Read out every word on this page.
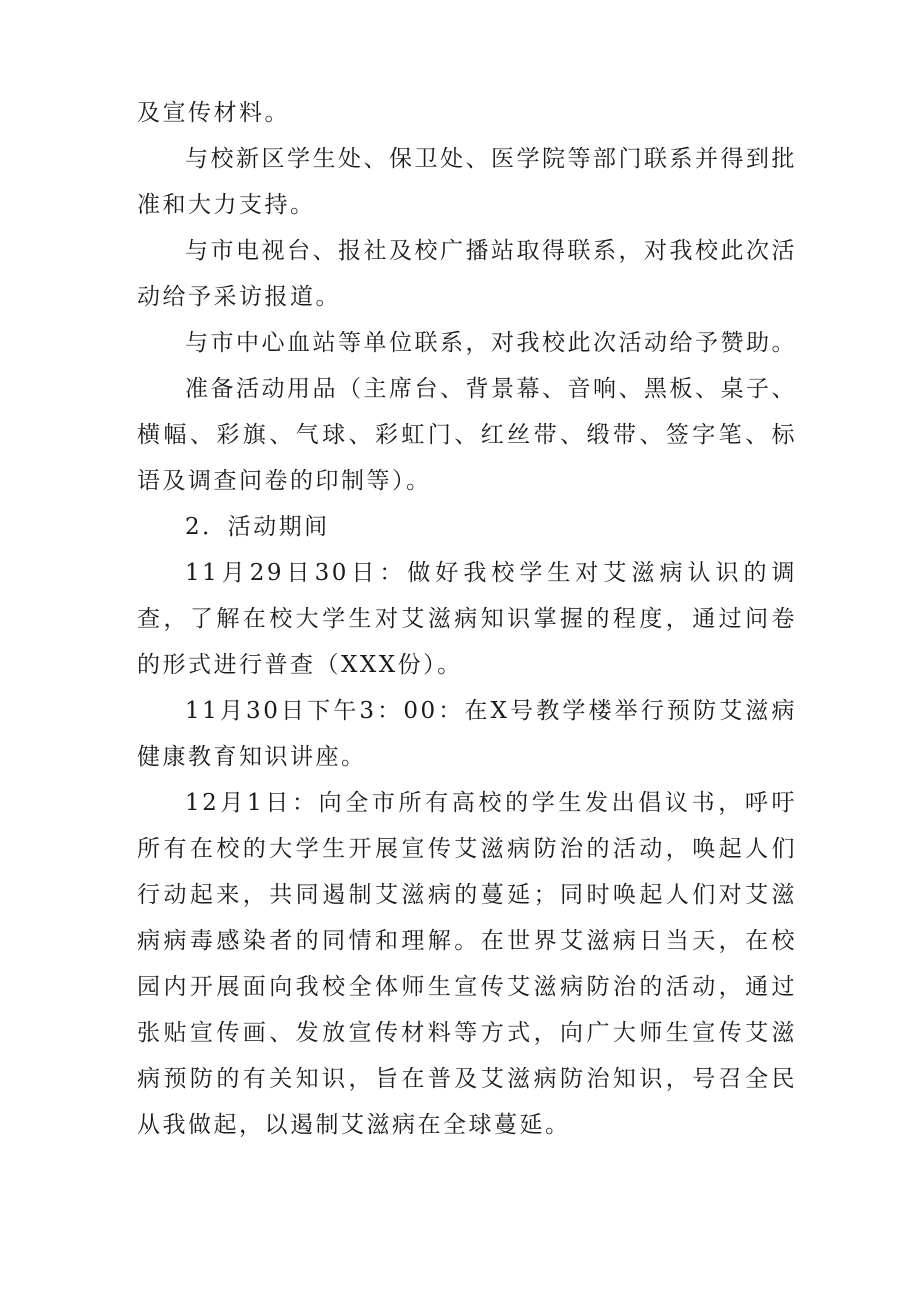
及宣传材料。

与校新区学生处、保卫处、医学院等部门联系并得到批准和大力支持。

与市电视台、报社及校广播站取得联系，对我校此次活动给予采访报道。

与市中心血站等单位联系，对我校此次活动给予赞助。

准备活动用品（主席台、背景幕、音响、黑板、桌子、横幅、彩旗、气球、彩虹门、红丝带、缎带、签字笔、标语及调查问卷的印制等）。

2．活动期间

11月29日30日：做好我校学生对艾滋病认识的调查，了解在校大学生对艾滋病知识掌握的程度，通过问卷的形式进行普查（XXX份）。

11月30日下午3：00：在X号教学楼举行预防艾滋病健康教育知识讲座。

12月1日：向全市所有高校的学生发出倡议书，呼吁所有在校的大学生开展宣传艾滋病防治的活动，唤起人们行动起来，共同遏制艾滋病的蔓延；同时唤起人们对艾滋病病毒感染者的同情和理解。在世界艾滋病日当天，在校园内开展面向我校全体师生宣传艾滋病防治的活动，通过张贴宣传画、发放宣传材料等方式，向广大师生宣传艾滋病预防的有关知识，旨在普及艾滋病防治知识，号召全民从我做起，以遏制艾滋病在全球蔓延。
